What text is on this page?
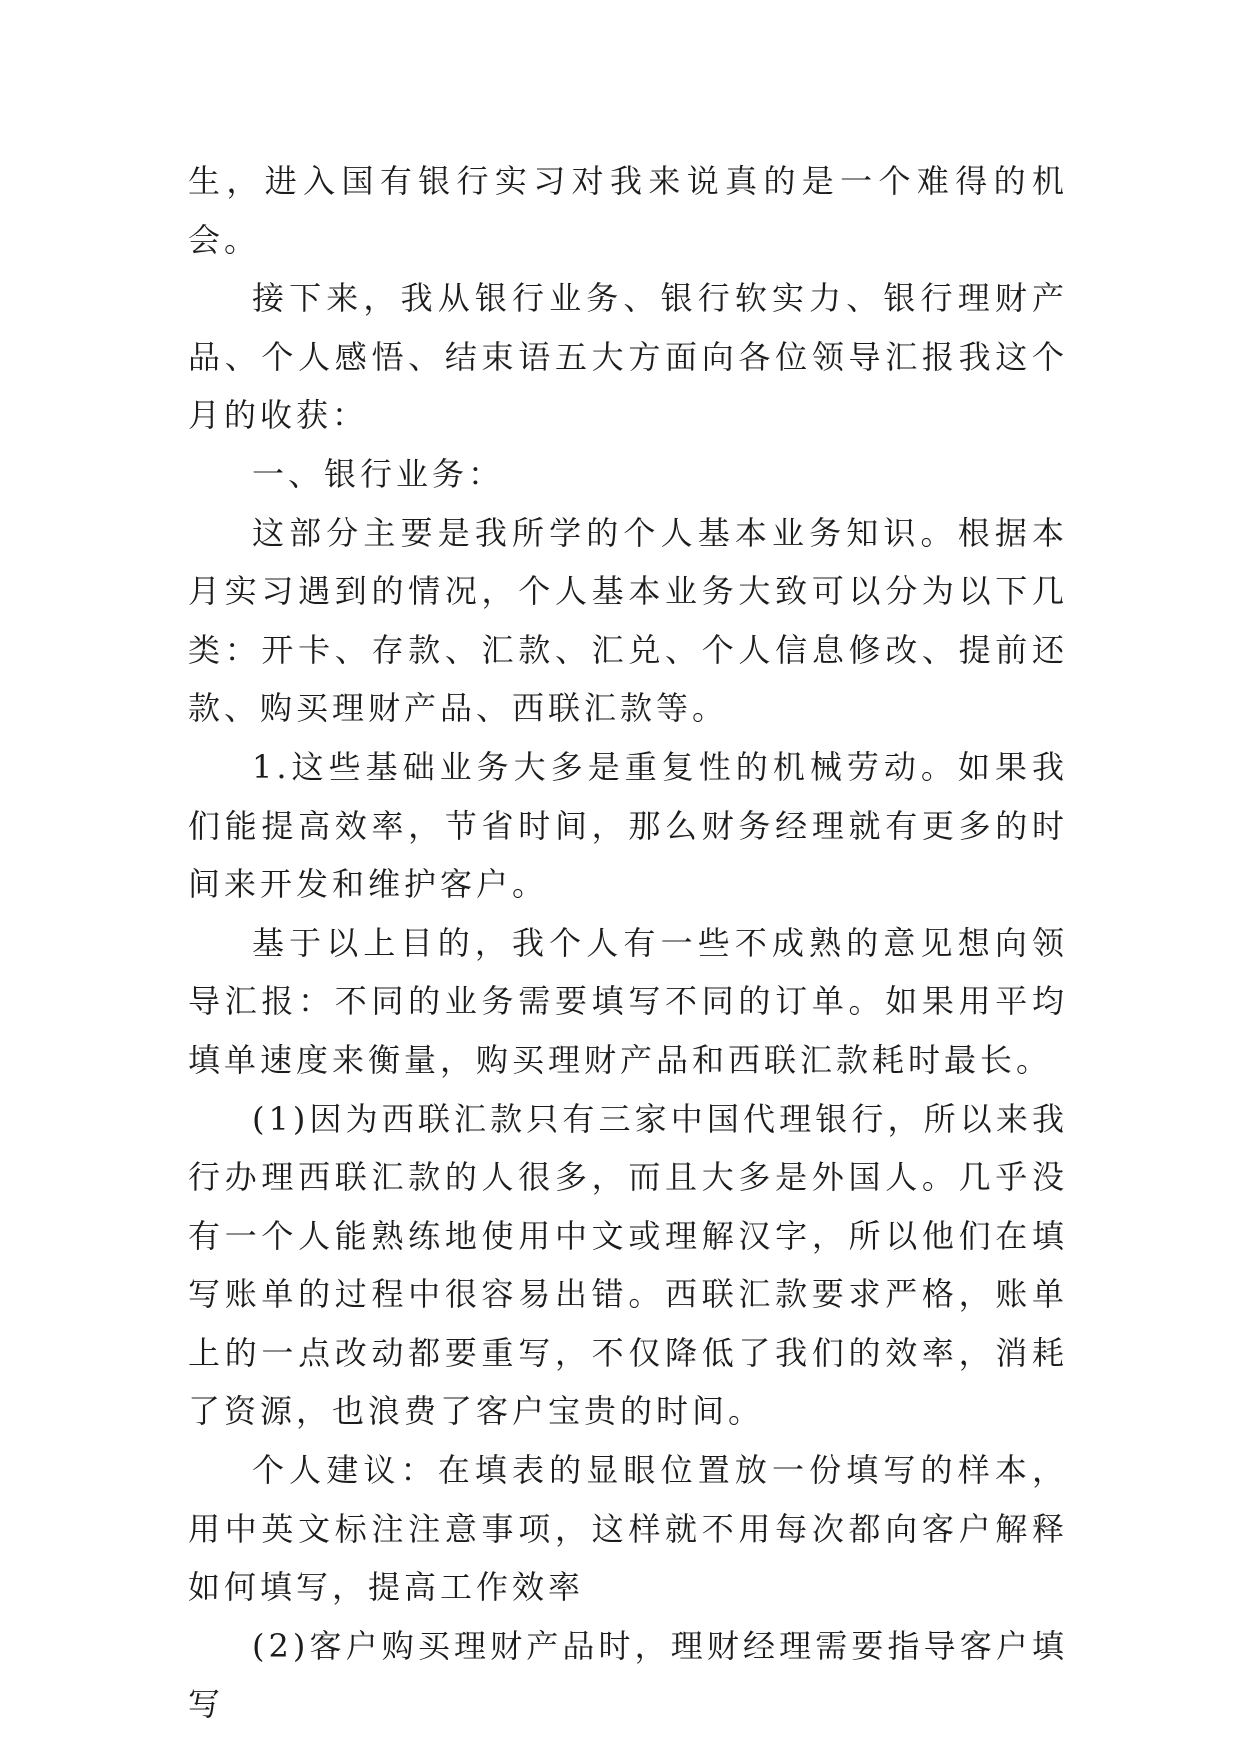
生，进入国有银行实习对我来说真的是一个难得的机会。

接下来，我从银行业务、银行软实力、银行理财产品、个人感悟、结束语五大方面向各位领导汇报我这个月的收获：

一、银行业务：

这部分主要是我所学的个人基本业务知识。根据本月实习遇到的情况，个人基本业务大致可以分为以下几类：开卡、存款、汇款、汇兑、个人信息修改、提前还款、购买理财产品、西联汇款等。

1.这些基础业务大多是重复性的机械劳动。如果我们能提高效率，节省时间，那么财务经理就有更多的时间来开发和维护客户。

基于以上目的，我个人有一些不成熟的意见想向领导汇报：不同的业务需要填写不同的订单。如果用平均填单速度来衡量，购买理财产品和西联汇款耗时最长。

(1)因为西联汇款只有三家中国代理银行，所以来我行办理西联汇款的人很多，而且大多是外国人。几乎没有一个人能熟练地使用中文或理解汉字，所以他们在填写账单的过程中很容易出错。西联汇款要求严格，账单上的一点改动都要重写，不仅降低了我们的效率，消耗了资源，也浪费了客户宝贵的时间。

个人建议：在填表的显眼位置放一份填写的样本，用中英文标注注意事项，这样就不用每次都向客户解释如何填写，提高工作效率

(2)客户购买理财产品时，理财经理需要指导客户填写
